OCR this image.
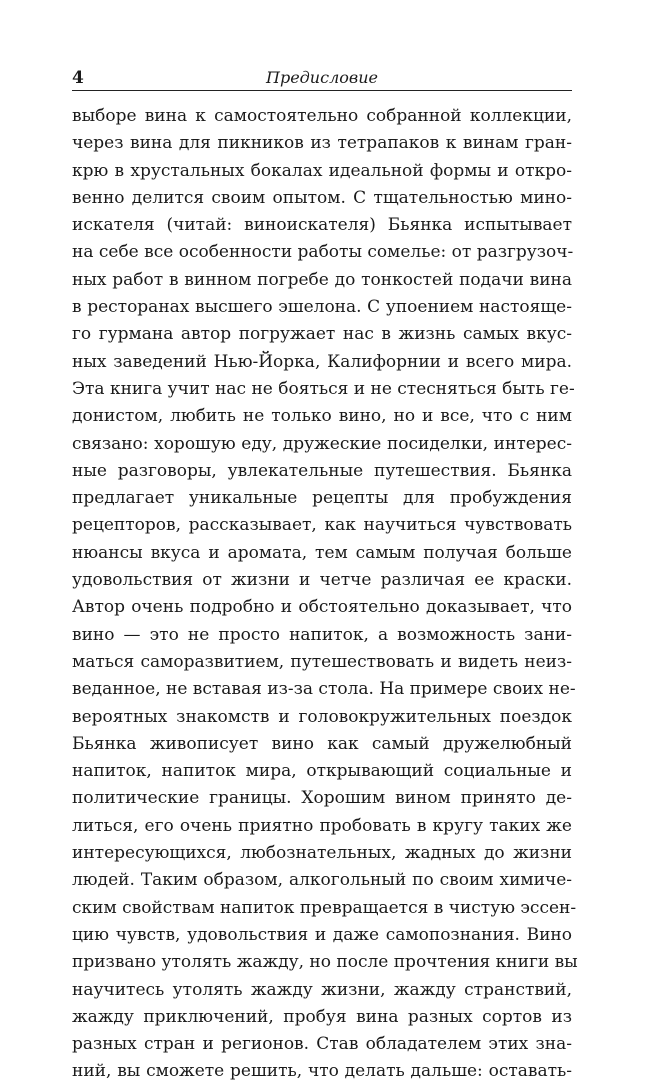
4	Предисловие
выборе вина к самостоятельно собранной коллекции,
через вина для пикников из тетрапаков к винам гран-
крю в хрустальных бокалах идеальной формы и откро-
венно делится своим опытом. С тщательностью мино-
искателя (читай: виноискателя) Бьянка испытывает
на себе все особенности работы сомелье: от разгрузоч-
ных работ в винном погребе до тонкостей подачи вина
в ресторанах высшего эшелона. С упоением настояще-
го гурмана автор погружает нас в жизнь самых вкус-
ных заведений Нью-Йорка, Калифорнии и всего мира.
Эта книга учит нас не бояться и не стесняться быть ге-
донистом, любить не только вино, но и все, что с ним
связано: хорошую еду, дружеские посиделки, интерес-
ные разговоры, увлекательные путешествия. Бьянка
предлагает уникальные рецепты для пробуждения
рецепторов, рассказывает, как научиться чувствовать
нюансы вкуса и аромата, тем самым получая больше
удовольствия от жизни и четче различая ее краски.
Автор очень подробно и обстоятельно доказывает, что
вино — это не просто напиток, а возможность зани-
маться саморазвитием, путешествовать и видеть неиз-
веданное, не вставая из-за стола. На примере своих не-
вероятных знакомств и головокружительных поездок
Бьянка живописует вино как самый дружелюбный
напиток, напиток мира, открывающий социальные и
политические границы. Хорошим вином принято де-
литься, его очень приятно пробовать в кругу таких же
интересующихся, любознательных, жадных до жизни
людей. Таким образом, алкогольный по своим химиче-
ским свойствам напиток превращается в чистую эссен-
цию чувств, удовольствия и даже самопознания. Вино
призвано утолять жажду, но после прочтения книги вы
научитесь утолять жажду жизни, жажду странствий,
жажду приключений, пробуя вина разных сортов из
разных стран и регионов. Став обладателем этих зна-
ний, вы сможете решить, что делать дальше: оставать-
